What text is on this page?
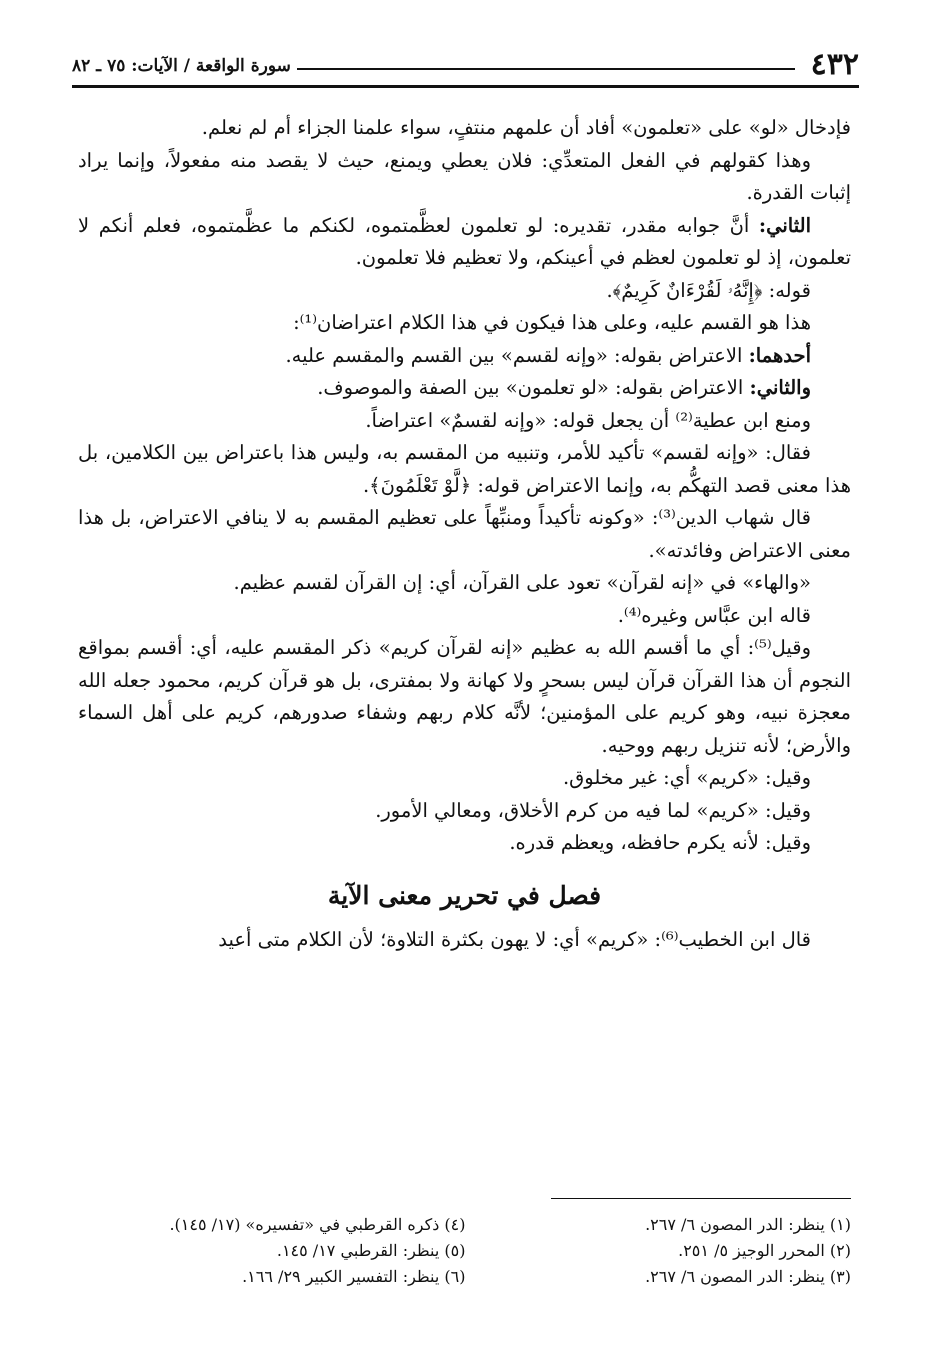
٤٣٢
سورة الواقعة / الآيات: ٧٥ ـ ٨٢

فإدخال «لو» على «تعلمون» أفاد أن علمهم منتفٍ، سواء علمنا الجزاء أم لم نعلم.

وهذا كقولهم في الفعل المتعدِّي: فلان يعطي ويمنع، حيث لا يقصد منه مفعولاً، وإنما يراد إثبات القدرة.

الثاني: أنَّ جوابه مقدر، تقديره: لو تعلمون لعظَّمتموه، لكنكم ما عظَّمتموه، فعلم أنكم لا تعلمون، إذ لو تعلمون لعظم في أعينكم، ولا تعظيم فلا تعلمون.

قوله: ﴿إِنَّهُۥ لَقُرْءَانٌ كَرِيمٌ﴾.

هذا هو القسم عليه، وعلى هذا فيكون في هذا الكلام اعتراضان⁽¹⁾:

أحدهما: الاعتراض بقوله: «وإنه لقسم» بين القسم والمقسم عليه.

والثاني: الاعتراض بقوله: «لو تعلمون» بين الصفة والموصوف.

ومنع ابن عطية⁽²⁾ أن يجعل قوله: «وإنه لقسمٌ» اعتراضاً.

فقال: «وإنه لقسم» تأكيد للأمر، وتنبيه من المقسم به، وليس هذا باعتراض بين الكلامين، بل هذا معنى قصد التهكُّم به، وإنما الاعتراض قوله: ﴿لَّوْ تَعْلَمُونَ﴾.

قال شهاب الدين⁽³⁾: «وكونه تأكيداً ومنبِّهاً على تعظيم المقسم به لا ينافي الاعتراض، بل هذا معنى الاعتراض وفائدته».

«والهاء» في «إنه لقرآن» تعود على القرآن، أي: إن القرآن لقسم عظيم.

قاله ابن عبَّاس وغيره⁽⁴⁾.

وقيل⁽⁵⁾: أي ما أقسم الله به عظيم «إنه لقرآن كريم» ذكر المقسم عليه، أي: أقسم بمواقع النجوم أن هذا القرآن قرآن ليس بسحرٍ ولا كهانة ولا بمفترى، بل هو قرآن كريم، محمود جعله الله معجزة نبيه، وهو كريم على المؤمنين؛ لأنَّه كلام ربهم وشفاء صدورهم، كريم على أهل السماء والأرض؛ لأنه تنزيل ربهم ووحيه.

وقيل: «كريم» أي: غير مخلوق.

وقيل: «كريم» لما فيه من كرم الأخلاق، ومعالي الأمور.

وقيل: لأنه يكرم حافظه، ويعظم قدره.

فصل في تحرير معنى الآية

قال ابن الخطيب⁽⁶⁾: «كريم» أي: لا يهون بكثرة التلاوة؛ لأن الكلام متى أعيد

(١) ينظر: الدر المصون ٦/ ٢٦٧.

(٢) المحرر الوجيز ٥/ ٢٥١.

(٣) ينظر: الدر المصون ٦/ ٢٦٧.

(٤) ذكره القرطبي في «تفسيره» (١٧/ ١٤٥).

(٥) ينظر: القرطبي ١٧/ ١٤٥.

(٦) ينظر: التفسير الكبير ٢٩/ ١٦٦.
